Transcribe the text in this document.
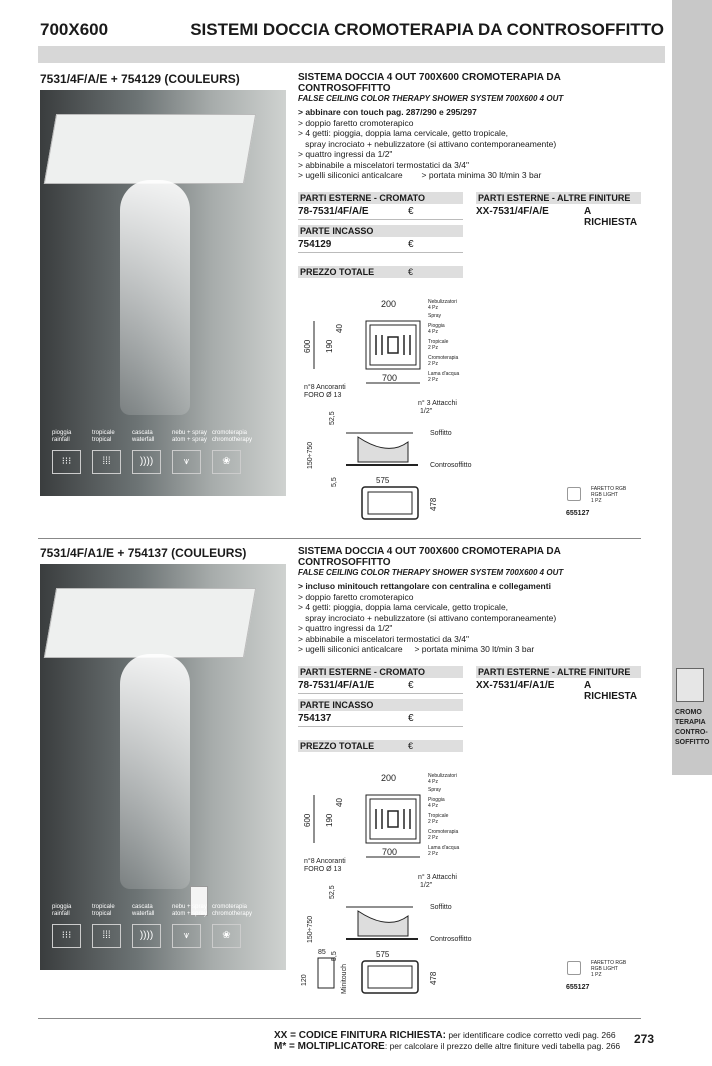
CROMO
TERAPIA
CONTRO-
SOFFITTO
700X600	SISTEMI DOCCIA CROMOTERAPIA DA CONTROSOFFITTO
7531/4F/A/E + 754129 (COULEURS)
pioggia
rainfall
⁝⁝⁝
tropicale
tropical
⁞⁞⁞
cascata
waterfall
))))
nebu + spray
atom + spray
⩛
cromoterapia
chromotherapy
❀
SISTEMA DOCCIA 4 OUT 700X600 CROMOTERAPIA DA CONTROSOFFITTO
FALSE CEILING COLOR THERAPY SHOWER SYSTEM 700X600 4 OUT
> abbinare con touch pag. 287/290 e 295/297
> doppio faretto cromoterapico
> 4 getti: pioggia, doppia lama cervicale, getto tropicale,
spray incrociato + nebulizzatore (si attivano contemporaneamente)
> quattro ingressi da 1/2"
> abbinabile a miscelatori termostatici da 3/4"
> ugelli siliconici anticalcare        > portata minima 30 lt/min 3 bar
PARTI ESTERNE - CROMATO
78-7531/4F/A/E	€
PARTI ESTERNE - ALTRE FINITURE
XX-7531/4F/A/E	A RICHIESTA
PARTE INCASSO
754129	€
PREZZO TOTALE	€
200
40
190
600
700
Nebulizzatori
4 Pz
Spray
Pioggia
4 Pz
Tropicale
2 Pz
Cromoterapia
2 Pz
Lama d'acqua
2 Pz
n°8 Ancoranti
FORO Ø 13
n° 3 Attacchi
1/2"
52,5
Soffitto
Controsoffitto
150÷750
5,5	575
478
FARETTO RGB
RGB LIGHT
1 PZ
655127
7531/4F/A1/E + 754137 (COULEURS)
pioggia
rainfall
⁝⁝⁝
tropicale
tropical
⁞⁞⁞
cascata
waterfall
))))
nebu + spray
atom + spray
⩛
cromoterapia
chromotherapy
❀
SISTEMA DOCCIA 4 OUT 700X600 CROMOTERAPIA DA CONTROSOFFITTO
FALSE CEILING COLOR THERAPY SHOWER SYSTEM 700X600 4 OUT
> incluso minitouch rettangolare con centralina e collegamenti
> doppio faretto cromoterapico
> 4 getti: pioggia, doppia lama cervicale, getto tropicale,
spray incrociato + nebulizzatore (si attivano contemporaneamente)
> quattro ingressi da 1/2"
> abbinabile a miscelatori termostatici da 3/4"
> ugelli siliconici anticalcare     > portata minima 30 lt/min 3 bar
PARTI ESTERNE - CROMATO
78-7531/4F/A1/E	€
PARTI ESTERNE - ALTRE FINITURE
XX-7531/4F/A1/E	A RICHIESTA
PARTE INCASSO
754137	€
PREZZO TOTALE	€
200
40
190
600
700
Nebulizzatori
4 Pz
Spray
Pioggia
4 Pz
Tropicale
2 Pz
Cromoterapia
2 Pz
Lama d'acqua
2 Pz
n°8 Ancoranti
FORO Ø 13
n° 3 Attacchi
1/2"
52,5
Soffitto
Controsoffitto
150÷750
5,5	575
478
85
120	Minitouch
FARETTO RGB
RGB LIGHT
1 PZ
655127
XX = CODICE FINITURA RICHIESTA: per identificare codice corretto vedi pag. 266
M* = MOLTIPLICATORE: per calcolare il prezzo delle altre finiture vedi tabella pag. 266 273
